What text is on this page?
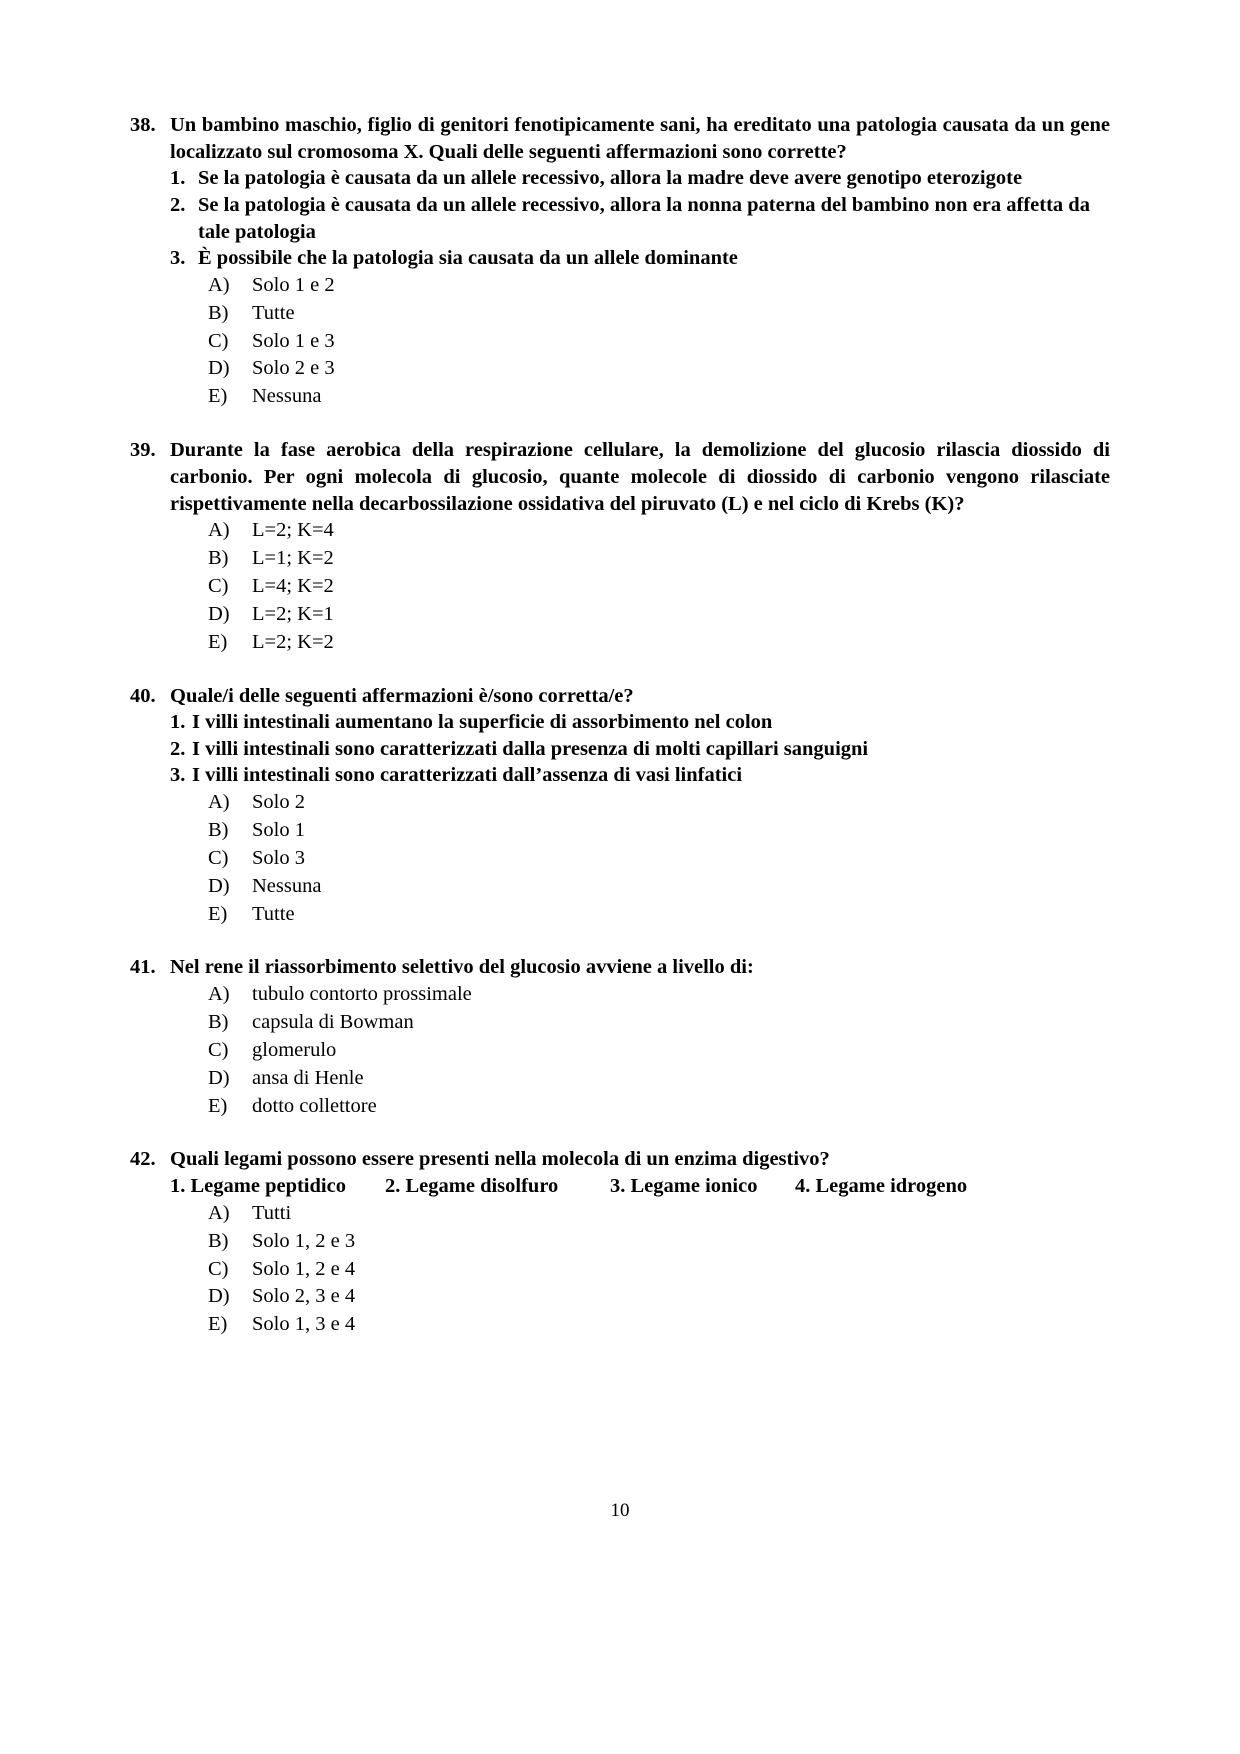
38. Un bambino maschio, figlio di genitori fenotipicamente sani, ha ereditato una patologia causata da un gene localizzato sul cromosoma X. Quali delle seguenti affermazioni sono corrette?
1. Se la patologia è causata da un allele recessivo, allora la madre deve avere genotipo eterozigote
2. Se la patologia è causata da un allele recessivo, allora la nonna paterna del bambino non era affetta da tale patologia
3. È possibile che la patologia sia causata da un allele dominante
A)	Solo 1 e 2
B)	Tutte
C)	Solo 1 e 3
D)	Solo 2 e 3
E)	Nessuna
39. Durante la fase aerobica della respirazione cellulare, la demolizione del glucosio rilascia diossido di carbonio. Per ogni molecola di glucosio, quante molecole di diossido di carbonio vengono rilasciate rispettivamente nella decarbossilazione ossidativa del piruvato (L) e nel ciclo di Krebs (K)?
A)	L=2; K=4
B)	L=1; K=2
C)	L=4; K=2
D)	L=2; K=1
E)	L=2; K=2
40. Quale/i delle seguenti affermazioni è/sono corretta/e?
1. I villi intestinali aumentano la superficie di assorbimento nel colon
2. I villi intestinali sono caratterizzati dalla presenza di molti capillari sanguigni
3. I villi intestinali sono caratterizzati dall’assenza di vasi linfatici
A)	Solo 2
B)	Solo 1
C)	Solo 3
D)	Nessuna
E)	Tutte
41. Nel rene il riassorbimento selettivo del glucosio avviene a livello di:
A)	tubulo contorto prossimale
B)	capsula di Bowman
C)	glomerulo
D)	ansa di Henle
E)	dotto collettore
42. Quali legami possono essere presenti nella molecola di un enzima digestivo?
1. Legame peptidico	2. Legame disolfuro	3. Legame ionico	4. Legame idrogeno
A)	Tutti
B)	Solo 1, 2 e 3
C)	Solo 1, 2 e 4
D)	Solo 2, 3 e 4
E)	Solo 1, 3 e 4
10
